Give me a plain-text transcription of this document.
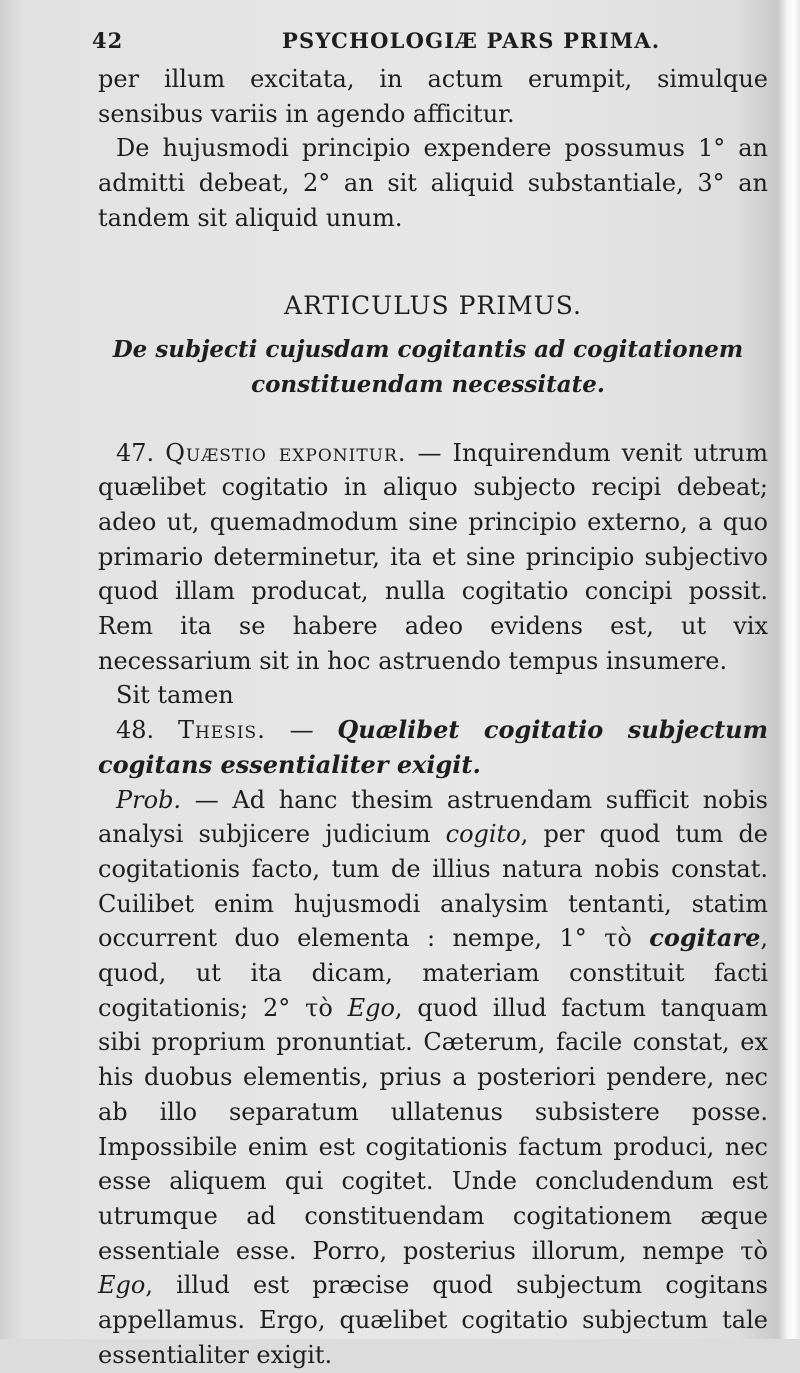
42	PSYCHOLOGIÆ PARS PRIMA.

per illum excitata, in actum erumpit, simulque sensibus variis in agendo afficitur.

De hujusmodi principio expendere possumus 1° an admitti debeat, 2° an sit aliquid substantiale, 3° an tandem sit aliquid unum.

ARTICULUS PRIMUS.
De subjecti cujusdam cogitantis ad cogitationem constituendam necessitate.

47. Quæstio exponitur. — Inquirendum venit utrum quælibet cogitatio in aliquo subjecto recipi debeat; adeo ut, quemadmodum sine principio externo, a quo primario determinetur, ita et sine principio subjectivo quod illam producat, nulla cogitatio concipi possit. Rem ita se habere adeo evidens est, ut vix necessarium sit in hoc astruendo tempus insumere.

Sit tamen

48. Thesis. — Quælibet cogitatio subjectum cogitans essentialiter exigit.

Prob. — Ad hanc thesim astruendam sufficit nobis analysi subjicere judicium cogito, per quod tum de cogitationis facto, tum de illius natura nobis constat. Cuilibet enim hujusmodi analysim tentanti, statim occurrent duo elementa : nempe, 1° τὸ cogitare, quod, ut ita dicam, materiam constituit facti cogitationis; 2° τὸ Ego, quod illud factum tanquam sibi proprium pronuntiat. Cæterum, facile constat, ex his duobus elementis, prius a posteriori pendere, nec ab illo separatum ullatenus subsistere posse. Impossibile enim est cogitationis factum produci, nec esse aliquem qui cogitet. Unde concludendum est utrumque ad constituendam cogitationem æque essentiale esse. Porro, posterius illorum, nempe τὸ Ego, illud est præcise quod subjectum cogitans appellamus. Ergo, quælibet cogitatio subjectum tale essentialiter exigit.
